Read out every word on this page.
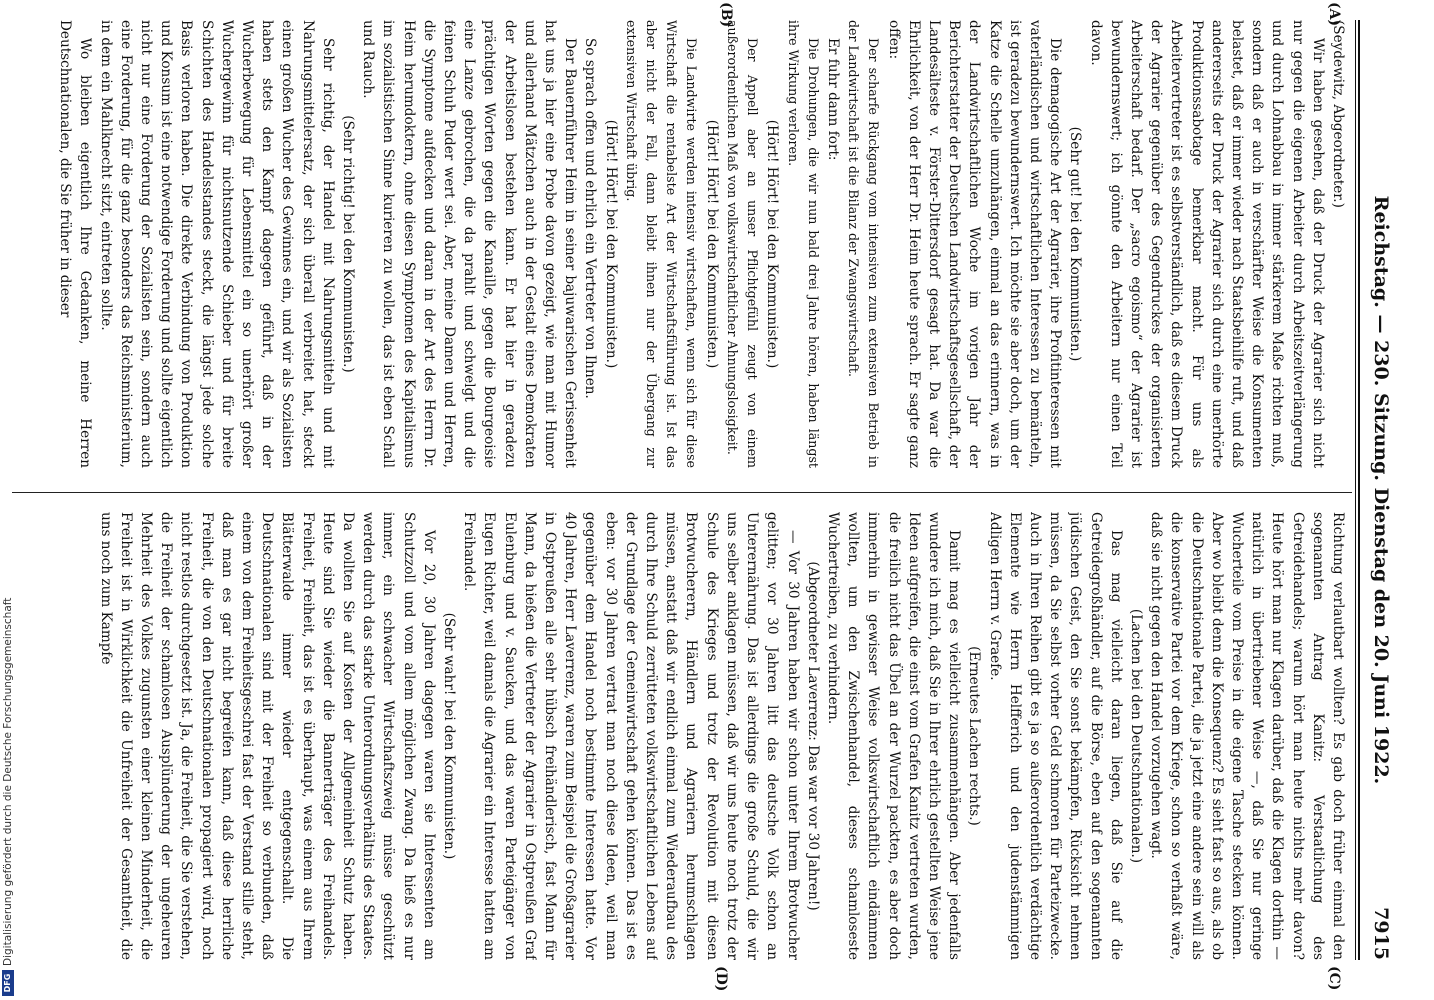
Reichstag. — 230. Sitzung. Dienstag den 20. Juni 1922.
7915
(A)
(B)
(C)
(D)

(Seydewitz, Abgeordneter.)

Wir haben gesehen, daß der Druck der Agrarier sich nicht nur gegen die eigenen Arbeiter durch Arbeitszeitverlängerung und durch Lohnabbau in immer stärkerem Maße richten muß, sondern daß er auch in verschärfter Weise die Konsumenten belastet, daß er immer wieder nach Staatsbeihilfe ruft, und daß andererseits der Druck der Agrarier sich durch eine unerhörte Produktionssabotage bemerkbar macht. Für uns als Arbeitervertreter ist es selbstverständlich, daß es diesem Druck der Agrarier gegenüber des Gegendruckes der organisierten Arbeiterschaft bedarf. Der „sacro egoismo“ der Agrarier ist bewundernswert; ich gönnte den Arbeitern nur einen Teil davon.

(Sehr gut! bei den Kommunisten.)

Die demagogische Art der Agrarier, ihre Profitinteressen mit vaterländischen und wirtschaftlichen Interessen zu bemänteln, ist geradezu bewundernswert. Ich möchte sie aber doch, um der Katze die Schelle umzuhängen, einmal an das erinnern, was in der Landwirtschaftlichen Woche im vorigen Jahr der Berichterstatter der Deutschen Landwirtschaftsgesellschaft, der Landesälteste v. Förster-Dittersdorf gesagt hat. Da war die Ehrlichkeit, von der Herr Dr. Heim heute sprach. Er sagte ganz offen:

Der scharfe Rückgang vom intensiven zum extensiven Betrieb in der Landwirtschaft ist die Bilanz der Zwangswirtschaft.

Er fuhr dann fort:

Die Drohungen, die wir nun bald drei Jahre hören, haben längst ihre Wirkung verloren.

(Hört! Hört! bei den Kommunisten.)

Der Appell aber an unser Pflichtgefühl zeugt von einem außerordentlichen Maß von volkswirtschaftlicher Ahnungslosigkeit.

(Hört! Hört! bei den Kommunisten.)

Die Landwirte werden intensiv wirtschaften, wenn sich für diese Wirtschaft die rentabelste Art der Wirtschaftsführung ist. Ist das aber nicht der Fall, dann bleibt ihnen nur der Übergang zur extensiven Wirtschaft übrig.

(Hört! Hört! bei den Kommunisten.)

So sprach offen und ehrlich ein Vertreter von Ihnen.

Der Bauernführer Heim in seiner bajuwarischen Gerissenheit hat uns ja hier eine Probe davon gezeigt, wie man mit Humor und allerhand Mätzchen auch in der Gestalt eines Demokraten der Arbeitslosen bestehen kann. Er hat hier in geradezu prächtigen Worten gegen die Kanaille, gegen die Bourgeoisie eine Lanze gebrochen, die da prahlt und schwelgt und die feinen Schuh Puder wert sei. Aber, meine Damen und Herren, die Symptome aufdecken und daran in der Art des Herrn Dr. Heim herumdoktern, ohne diesen Symptomen des Kapitalismus im sozialistischen Sinne kurieren zu wollen, das ist eben Schall und Rauch.

(Sehr richtig! bei den Kommunisten.)

Sehr richtig, der Handel mit Nahrungsmitteln und mit Nahrungsmittelersatz, der sich überall verbreitet hat, steckt einen großen Wucher des Gewinnes ein, und wir als Sozialisten haben stets den Kampf dagegen geführt, daß in der Wucherbewegung für Lebensmittel ein so unerhört großer Wuchergewinn für nichtsnutzende Schieber und für breite Schichten des Handelsstandes steckt, die längst jede solche Basis verloren haben. Die direkte Verbindung von Produktion und Konsum ist eine notwendige Forderung und sollte eigentlich nicht nur eine Forderung der Sozialisten sein, sondern auch eine Forderung, für die ganz besonders das Reichsministerium, in dem ein Mahlknecht sitzt, eintreten sollte.

Wo bleiben eigentlich Ihre Gedanken, meine Herren Deutschnationalen, die Sie früher in dieser

Richtung verlautbart wollten? Es gab doch früher einmal den sogenannten Antrag Kanitz: Verstaatlichung des Getreidehandels; warum hört man heute nichts mehr davon? Heute hört man nur Klagen darüber, daß die Klagen dorthin — natürlich in übertriebener Weise —, daß Sie nur geringe Wucherteile vom Preise in die eigene Tasche stecken können. Aber wo bleibt denn die Konsequenz? Es sieht fast so aus, als ob die Deutschnationale Partei, die ja jetzt eine andere sein will als die konservative Partei vor dem Kriege, schon so verhaßt wäre, daß sie nicht gegen den Handel vorzugehen wagt.

(Lachen bei den Deutschnationalen.)

Das mag vielleicht daran liegen, daß Sie auf die Getreidegroßhändler, auf die Börse, eben auf den sogenannten jüdischen Geist, den Sie sonst bekämpfen, Rücksicht nehmen müssen, da Sie selbst vorher Geld schmoren für Parteizwecke. Auch in Ihren Reihen gibt es ja so außerordentlich verdächtige Elemente wie Herrn Helfferich und den judenstämmigen Adligen Herrn v. Graefe.

(Erneutes Lachen rechts.)

Damit mag es vielleicht zusammenhängen. Aber jedenfalls wundere ich mich, daß Sie in Ihrer ehrlich gestellten Weise jene Ideen aufgreifen, die einst vom Grafen Kanitz vertreten wurden, die freilich nicht das Übel an der Wurzel packten, es aber doch immerhin in gewisser Weise volkswirtschaftlich eindämmen wollten, um den Zwischenhandel, dieses schamloseste Wuchertreiben, zu verhindern.

(Abgeordneter Laverrenz: Das war vor 30 Jahren!)

— Vor 30 Jahren haben wir schon unter Ihrem Brotwucher gelitten; vor 30 Jahren litt das deutsche Volk schon an Unterernährung. Das ist allerdings die große Schuld, die wir uns selber anklagen müssen, daß wir uns heute noch trotz der Schule des Krieges und trotz der Revolution mit diesen Brotwucherern, Händlern und Agrariern herumschlagen müssen, anstatt daß wir endlich einmal zum Wiederaufbau des durch Ihre Schuld zerrütteten volkswirtschaftlichen Lebens auf der Grundlage der Gemeinwirtschaft gehen können. Das ist es eben: vor 30 Jahren vertrat man noch diese Ideen, weil man gegenüber dem Handel noch bestimmte Interessen hatte. Vor 40 Jahren, Herr Laverrenz, waren zum Beispiel die Großagrarier in Ostpreußen alle sehr hübsch freihändlerisch, fast Mann für Mann, da hießen die Vertreter der Agrarier in Ostpreußen Graf Eulenburg und v. Saucken, und das waren Parteigänger von Eugen Richter, weil damals die Agrarier ein Interesse hatten am Freihandel.

(Sehr wahr! bei den Kommunisten.)

Vor 20, 30 Jahren dagegen waren sie Interessenten am Schutzzoll und vom allem möglichen Zwang. Da hieß es nur immer, ein schwacher Wirtschaftszweig müsse geschützt werden durch das starke Unterordnungsverhältnis des Staates. Da wollten Sie auf Kosten der Allgemeinheit Schutz haben. Heute sind Sie wieder die Bannerträger des Freihandels. Freiheit, Freiheit, das ist es überhaupt, was einem aus Ihrem Blätterwalde immer wieder entgegenschallt. Die Deutschnationalen sind mit der Freiheit so verbunden, daß einem von dem Freiheitsgeschrei fast der Verstand stille steht, daß man es gar nicht begreifen kann, daß diese herrliche Freiheit, die von den Deutschnationalen propagiert wird, noch nicht restlos durchgesetzt ist. Ja, die Freiheit, die Sie verstehen, die Freiheit der schamlosen Ausplünderung der ungeheuren Mehrheit des Volkes zugunsten einer kleinen Minderheit, die Freiheit ist in Wirklichkeit die Unfreiheit der Gesamtheit, die uns noch zum Kampfe

DFG
Digitalisierung gefördert durch die Deutsche Forschungsgemeinschaft
